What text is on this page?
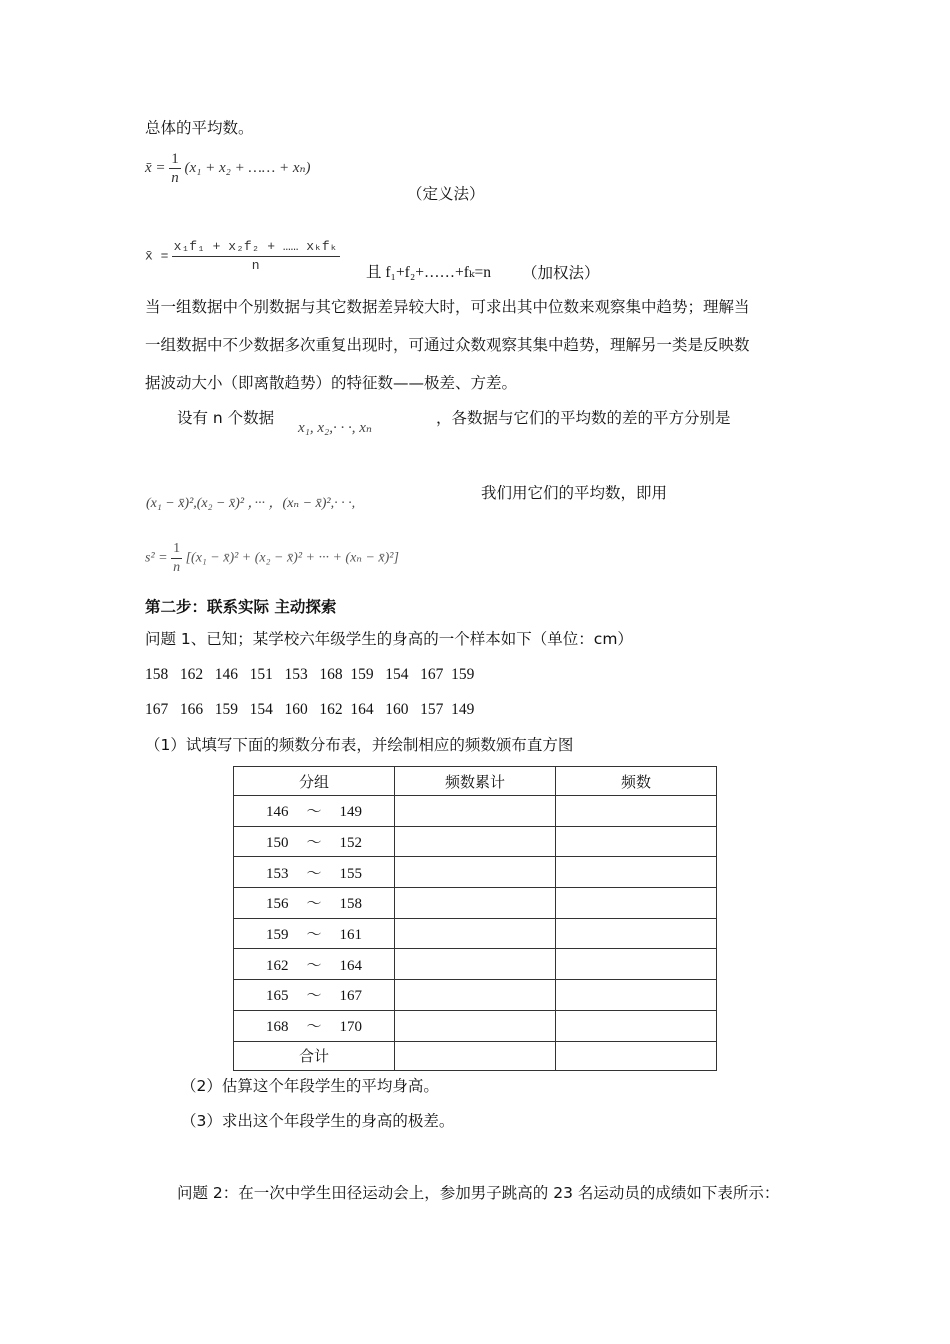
总体的平均数。
x̄ = $\frac{1}{n} (x_1 + x_2$ + …… + xₙ)
（定义法）
x̄ = $\frac{\text{x₁f₁ + x₂f₂ + …… xₖfₖ}}{n}$ 且 f₁+f₂+……+fₖ=n （加权法）
当一组数据中个别数据与其它数据差异较大时，可求出其中位数来观察集中趋势；理解当
一组数据中不少数据多次重复出现时，可通过众数观察其集中趋势，理解另一类是反映数
据波动大小（即离散趋势）的特征数——极差、方差。
设有 n 个数据
x₁, x₂,· · ·, xₙ
，各数据与它们的平均数的差的平方分别是
(x₁ − x̄)²,(x₂ − x̄)² ，··· ，(xₙ − x̄)²,· · ·,
我们用它们的平均数，即用
$s^2 = \frac{1}{n} [(x_1$ − x̄)² + (x₂ − x̄)² + ··· + (xₙ − x̄)²]
第二步：联系实际 主动探索
问题 1、已知；某学校六年级学生的身高的一个样本如下（单位：cm）
158   162   146   151   153   168  159   154   167  159
167   166   159   154   160   162  164   160   157  149
（1）试填写下面的频数分布表，并绘制相应的频数颁布直方图
分组	频数累计	频数
146 ～ 149		
150 ～ 152		
153 ～ 155		
156 ～ 158		
159 ～ 161		
162 ～ 164		
165 ～ 167		
168 ～ 170		
合计		
（2）估算这个年段学生的平均身高。
（3）求出这个年段学生的身高的极差。
问题 2：在一次中学生田径运动会上，参加男子跳高的 23 名运动员的成绩如下表所示：
